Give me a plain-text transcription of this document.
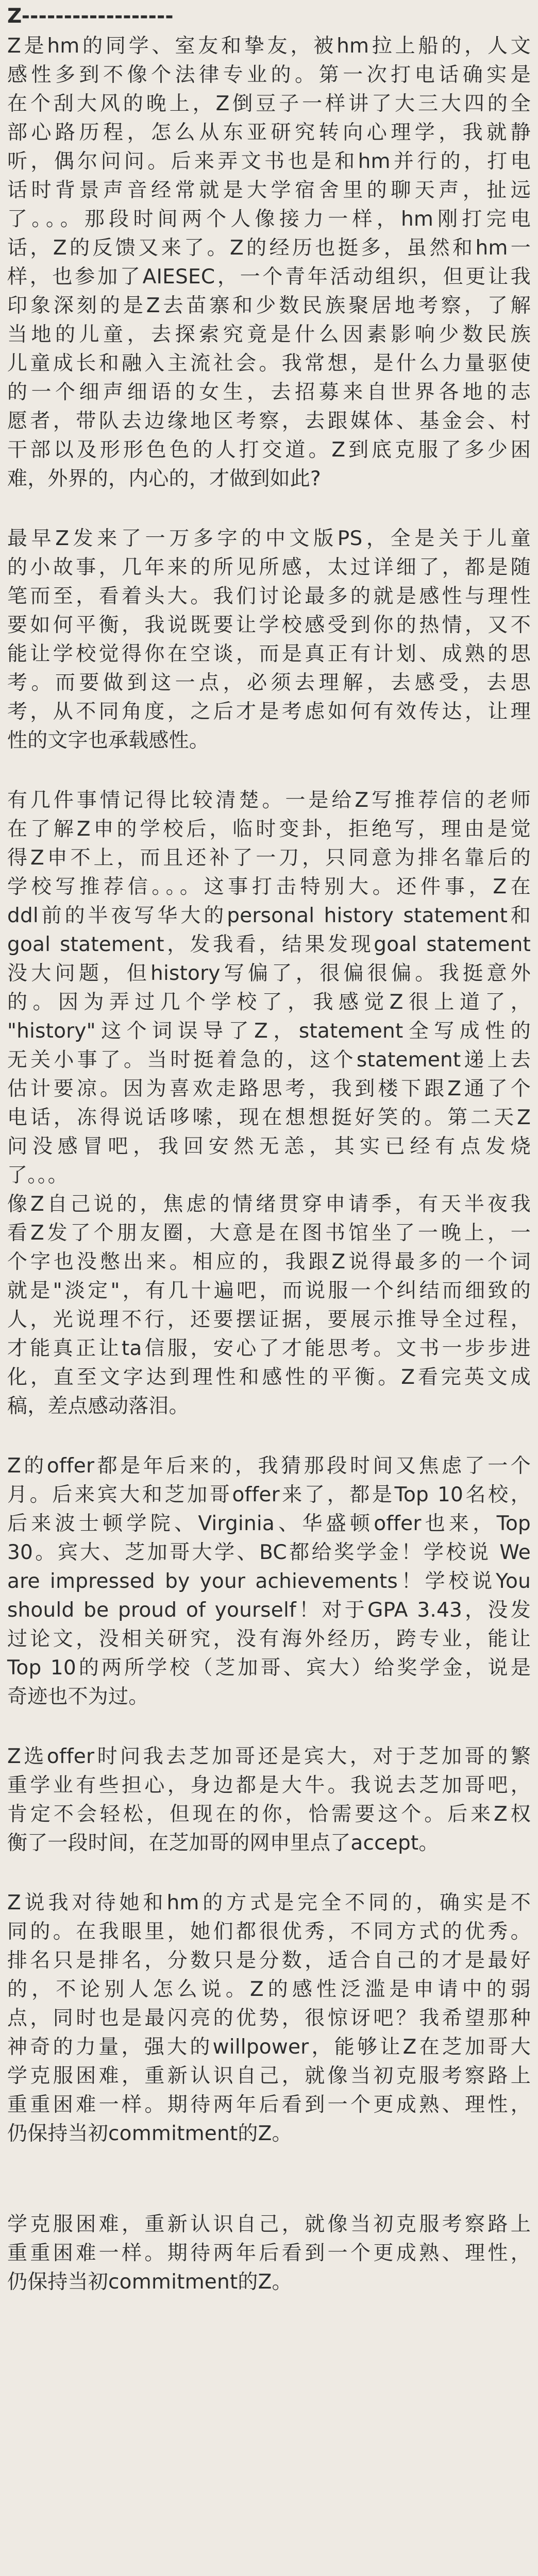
Z------------------
Z是hm的同学、室友和挚友，被hm拉上船的，人文
感性多到不像个法律专业的。第一次打电话确实是
在个刮大风的晚上，Z倒豆子一样讲了大三大四的全
部心路历程，怎么从东亚研究转向心理学，我就静
听，偶尔问问。后来弄文书也是和hm并行的，打电
话时背景声音经常就是大学宿舍里的聊天声，扯远
了。。。那段时间两个人像接力一样，hm刚打完电
话，Z的反馈又来了。Z的经历也挺多，虽然和hm一
样，也参加了AIESEC，一个青年活动组织，但更让我
印象深刻的是Z去苗寨和少数民族聚居地考察，了解
当地的儿童，去探索究竟是什么因素影响少数民族
儿童成长和融入主流社会。我常想，是什么力量驱使
的一个细声细语的女生，去招募来自世界各地的志
愿者，带队去边缘地区考察，去跟媒体、基金会、村
干部以及形形色色的人打交道。Z到底克服了多少困
难，外界的，内心的，才做到如此?
最早Z发来了一万多字的中文版PS，全是关于儿童
的小故事，几年来的所见所感，太过详细了，都是随
笔而至，看着头大。我们讨论最多的就是感性与理性
要如何平衡，我说既要让学校感受到你的热情，又不
能让学校觉得你在空谈，而是真正有计划、成熟的思
考。而要做到这一点，必须去理解，去感受，去思
考，从不同角度，之后才是考虑如何有效传达，让理
性的文字也承载感性。
有几件事情记得比较清楚。一是给Z写推荐信的老师
在了解Z申的学校后，临时变卦，拒绝写，理由是觉
得Z申不上，而且还补了一刀，只同意为排名靠后的
学校写推荐信。。。这事打击特别大。还件事，Z在
ddl前的半夜写华大的personal history statement和
goal statement，发我看，结果发现goal statement
没大问题，但history写偏了，很偏很偏。我挺意外
的。因为弄过几个学校了，我感觉Z很上道了，
"history"这个词误导了Z，statement全写成性的
无关小事了。当时挺着急的，这个statement递上去
估计要凉。因为喜欢走路思考，我到楼下跟Z通了个
电话，冻得说话哆嗦，现在想想挺好笑的。第二天Z
问没感冒吧，我回安然无恙，其实已经有点发烧
了。。。
像Z自己说的，焦虑的情绪贯穿申请季，有天半夜我
看Z发了个朋友圈，大意是在图书馆坐了一晚上，一
个字也没憋出来。相应的，我跟Z说得最多的一个词
就是"淡定"，有几十遍吧，而说服一个纠结而细致的
人，光说理不行，还要摆证据，要展示推导全过程，
才能真正让ta信服，安心了才能思考。文书一步步进
化，直至文字达到理性和感性的平衡。Z看完英文成
稿，差点感动落泪。
Z的offer都是年后来的，我猜那段时间又焦虑了一个
月。后来宾大和芝加哥offer来了，都是Top 10名校，
后来波士顿学院、Virginia、华盛顿offer也来，Top
30。宾大、芝加哥大学、BC都给奖学金！学校说 We
are impressed by your achievements！学校说You
should be proud of yourself！对于GPA 3.43，没发
过论文，没相关研究，没有海外经历，跨专业，能让
Top 10的两所学校（芝加哥、宾大）给奖学金，说是
奇迹也不为过。
Z选offer时问我去芝加哥还是宾大，对于芝加哥的繁
重学业有些担心，身边都是大牛。我说去芝加哥吧，
肯定不会轻松，但现在的你，恰需要这个。后来Z权
衡了一段时间，在芝加哥的网申里点了accept。
Z说我对待她和hm的方式是完全不同的，确实是不
同的。在我眼里，她们都很优秀，不同方式的优秀。
排名只是排名，分数只是分数，适合自己的才是最好
的，不论别人怎么说。Z的感性泛滥是申请中的弱
点，同时也是最闪亮的优势，很惊讶吧？我希望那种
神奇的力量，强大的willpower，能够让Z在芝加哥大
学克服困难，重新认识自己，就像当初克服考察路上
重重困难一样。期待两年后看到一个更成熟、理性，
仍保持当初commitment的Z。
学克服困难，重新认识自己，就像当初克服考察路上
重重困难一样。期待两年后看到一个更成熟、理性，
仍保持当初commitment的Z。
